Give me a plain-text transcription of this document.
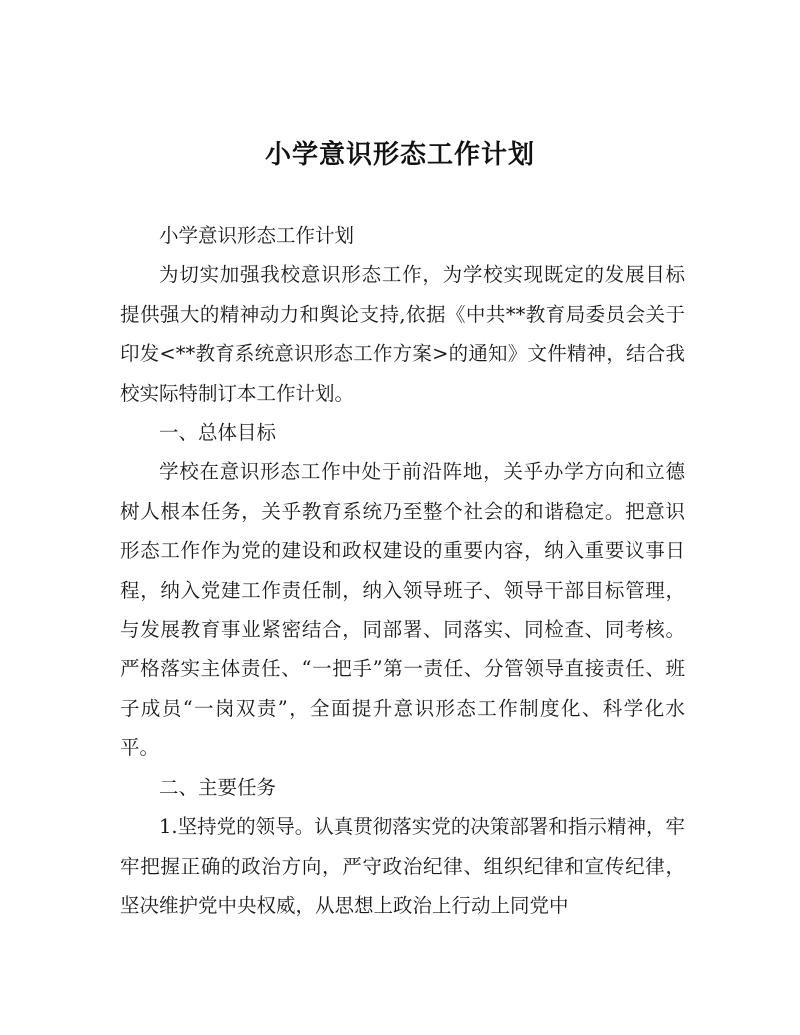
小学意识形态工作计划

小学意识形态工作计划

为切实加强我校意识形态工作，为学校实现既定的发展目标提供强大的精神动力和舆论支持,依据《中共**教育局委员会关于印发<**教育系统意识形态工作方案>的通知》文件精神，结合我校实际特制订本工作计划。

一、总体目标

学校在意识形态工作中处于前沿阵地，关乎办学方向和立德树人根本任务，关乎教育系统乃至整个社会的和谐稳定。把意识形态工作作为党的建设和政权建设的重要内容，纳入重要议事日程，纳入党建工作责任制，纳入领导班子、领导干部目标管理，与发展教育事业紧密结合，同部署、同落实、同检查、同考核。严格落实主体责任、“一把手”第一责任、分管领导直接责任、班子成员“一岗双责”，全面提升意识形态工作制度化、科学化水平。

二、主要任务

1.坚持党的领导。认真贯彻落实党的决策部署和指示精神，牢牢把握正确的政治方向，严守政治纪律、组织纪律和宣传纪律，坚决维护党中央权威，从思想上政治上行动上同党中
